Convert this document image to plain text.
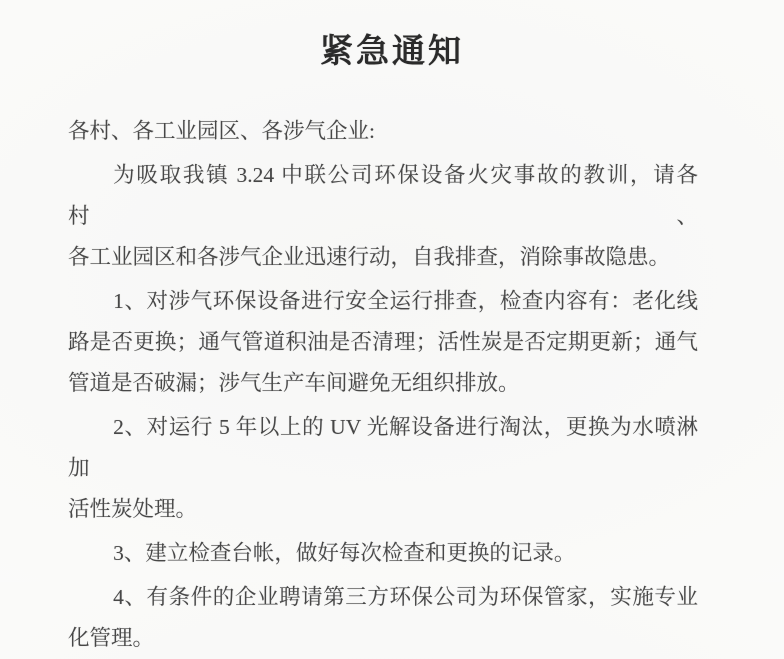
紧急通知

各村、各工业园区、各涉气企业:

为吸取我镇 3.24 中联公司环保设备火灾事故的教训，请各村、

各工业园区和各涉气企业迅速行动，自我排查，消除事故隐患。

1、对涉气环保设备进行安全运行排查，检查内容有：老化线

路是否更换；通气管道积油是否清理；活性炭是否定期更新；通气

管道是否破漏；涉气生产车间避免无组织排放。

2、对运行 5 年以上的 UV 光解设备进行淘汰，更换为水喷淋加

活性炭处理。

3、建立检查台帐，做好每次检查和更换的记录。

4、有条件的企业聘请第三方环保公司为环保管家，实施专业

化管理。
